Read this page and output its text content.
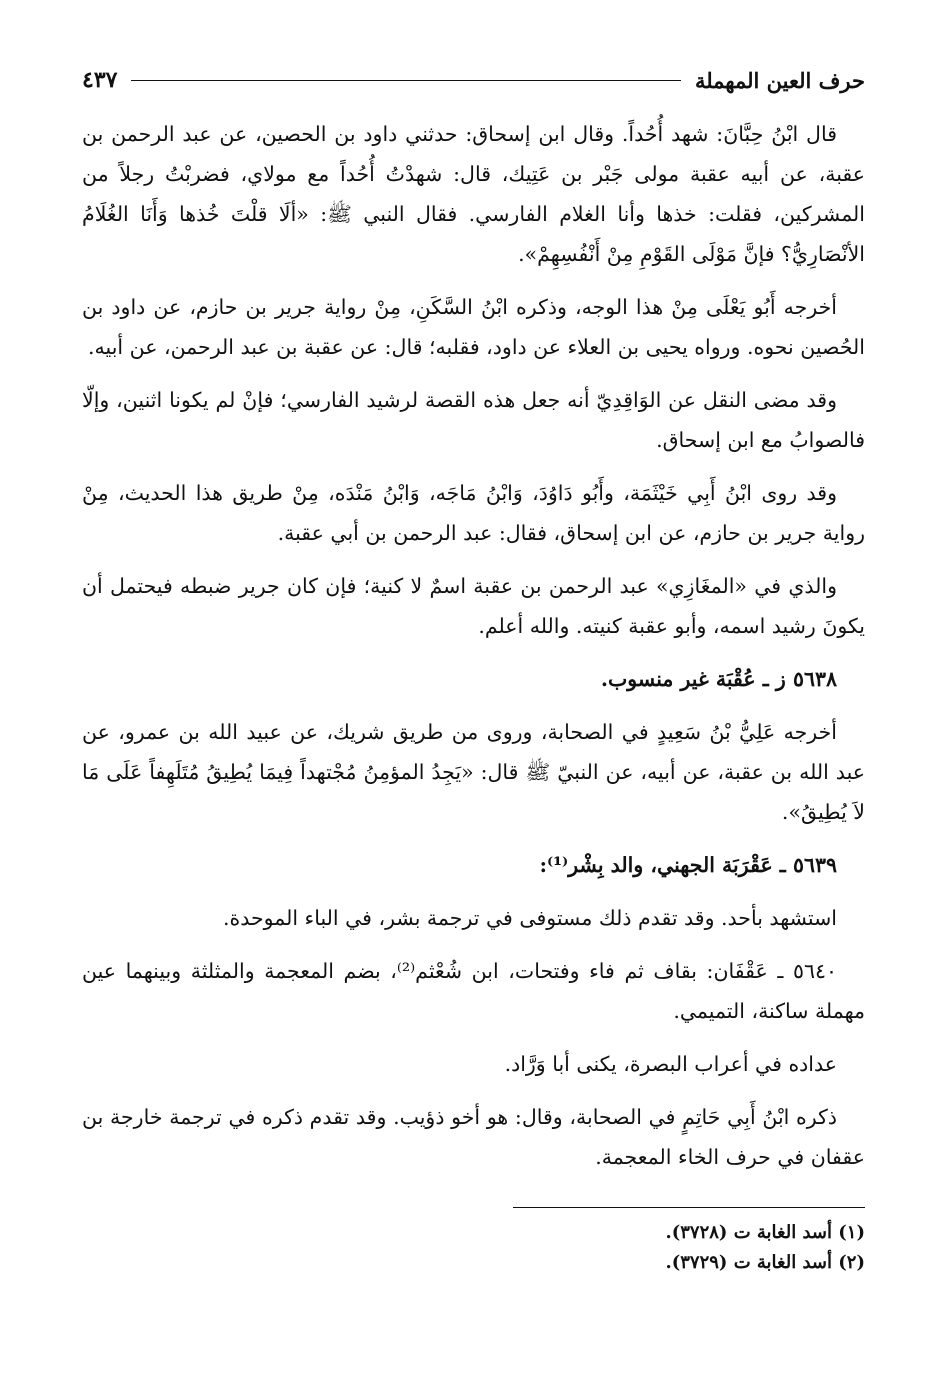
حرف العين المهملة
٤٣٧

قال ابْنُ حِبَّانَ: شهد أُحُداً. وقال ابن إسحاق: حدثني داود بن الحصين، عن عبد الرحمن بن عقبة، عن أبيه عقبة مولى جَبْر بن عَتِيك، قال: شهدْتُ أُحُداً مع مولاي، فضربْتُ رجلاً من المشركين، فقلت: خذها وأنا الغلام الفارسي. فقال النبي ﷺ: «ألَا قلْتَ خُذها وَأَنَا الغُلَامُ الأنْصَارِيُّ؟ فإنَّ مَوْلَى القَوْمِ مِنْ أَنْفُسِهِمْ».

أخرجه أَبُو يَعْلَى مِنْ هذا الوجه، وذكره ابْنُ السَّكَنِ، مِنْ رواية جرير بن حازم، عن داود بن الحُصين نحوه. ورواه يحيى بن العلاء عن داود، فقلبه؛ قال: عن عقبة بن عبد الرحمن، عن أبيه.

وقد مضى النقل عن الوَاقِدِيّ أنه جعل هذه القصة لرشيد الفارسي؛ فإنْ لم يكونا اثنين، وإلّا فالصوابُ مع ابن إسحاق.

وقد روى ابْنُ أَبِي خَيْثَمَة، وأَبُو دَاوُدَ، وَابْنُ مَاجَه، وَابْنُ مَنْدَه، مِنْ طريق هذا الحديث، مِنْ رواية جرير بن حازم، عن ابن إسحاق، فقال: عبد الرحمن بن أبي عقبة.

والذي في «المغَازِي» عبد الرحمن بن عقبة اسمٌ لا كنية؛ فإن كان جرير ضبطه فيحتمل أن يكونَ رشيد اسمه، وأبو عقبة كنيته. والله أعلم.

٥٦٣٨ ز ـ عُقْبَة غير منسوب.

أخرجه عَلِيُّ بْنُ سَعِيدٍ في الصحابة، وروى من طريق شريك، عن عبيد الله بن عمرو، عن عبد الله بن عقبة، عن أبيه، عن النبيّ ﷺ قال: «يَجِدُ المؤمِنُ مُجْتهداً فِيمَا يُطِيقُ مُتَلَهِفاً عَلَى مَا لاَ يُطِيقُ».

٥٦٣٩ ـ عَقْرَبَة الجهني، والد بِشْر⁽¹⁾:

استشهد بأحد. وقد تقدم ذلك مستوفى في ترجمة بشر، في الباء الموحدة.

٥٦٤٠ ـ عَقْفَان: بقاف ثم فاء وفتحات، ابن شُعْثم⁽²⁾، بضم المعجمة والمثلثة وبينهما عين مهملة ساكنة، التميمي.

عداده في أعراب البصرة، يكنى أبا وَرَّاد.

ذكره ابْنُ أَبِي حَاتِمٍ في الصحابة، وقال: هو أخو ذؤيب. وقد تقدم ذكره في ترجمة خارجة بن عقفان في حرف الخاء المعجمة.

(١) أسد الغابة ت (٣٧٢٨).

(٢) أسد الغابة ت (٣٧٢٩).
